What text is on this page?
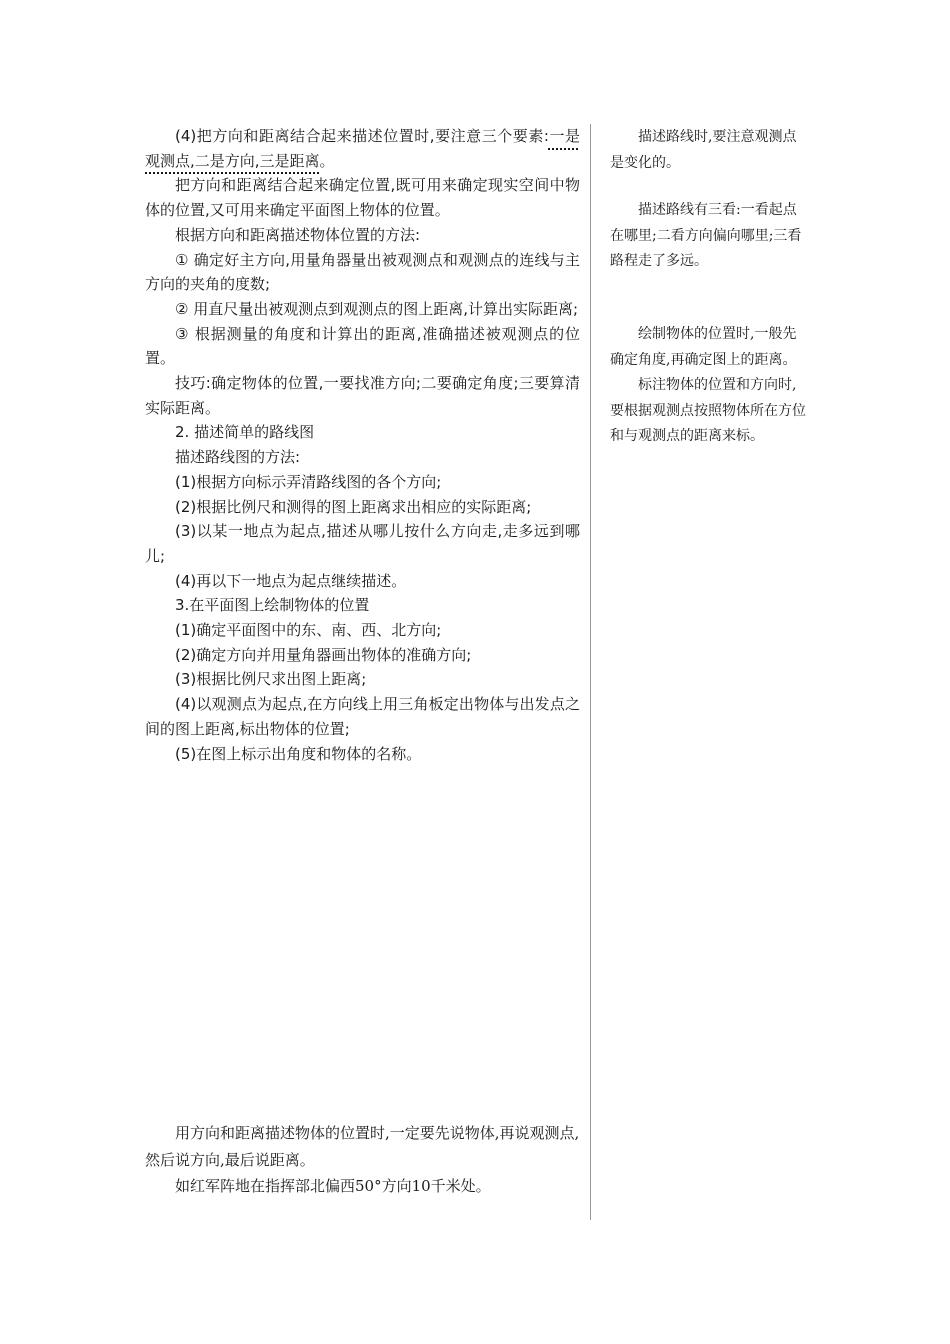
(4)把方向和距离结合起来描述位置时,要注意三个要素:一是观测点,二是方向,三是距离。

把方向和距离结合起来确定位置,既可用来确定现实空间中物体的位置,又可用来确定平面图上物体的位置。

根据方向和距离描述物体位置的方法:

① 确定好主方向,用量角器量出被观测点和观测点的连线与主方向的夹角的度数;

② 用直尺量出被观测点到观测点的图上距离,计算出实际距离;

③ 根据测量的角度和计算出的距离,准确描述被观测点的位置。

技巧:确定物体的位置,一要找准方向;二要确定角度;三要算清实际距离。

2. 描述简单的路线图

描述路线图的方法:

(1)根据方向标示弄清路线图的各个方向;

(2)根据比例尺和测得的图上距离求出相应的实际距离;

(3)以某一地点为起点,描述从哪儿按什么方向走,走多远到哪儿;

(4)再以下一地点为起点继续描述。

3.在平面图上绘制物体的位置

(1)确定平面图中的东、南、西、北方向;

(2)确定方向并用量角器画出物体的准确方向;

(3)根据比例尺求出图上距离;

(4)以观测点为起点,在方向线上用三角板定出物体与出发点之间的图上距离,标出物体的位置;

(5)在图上标示出角度和物体的名称。

描述路线时,要注意观测点是变化的。

描述路线有三看:一看起点在哪里;二看方向偏向哪里;三看路程走了多远。

绘制物体的位置时,一般先确定角度,再确定图上的距离。

标注物体的位置和方向时,要根据观测点按照物体所在方位和与观测点的距离来标。

用方向和距离描述物体的位置时,一定要先说物体,再说观测点,然后说方向,最后说距离。

如红军阵地在指挥部北偏西50°方向10千米处。
